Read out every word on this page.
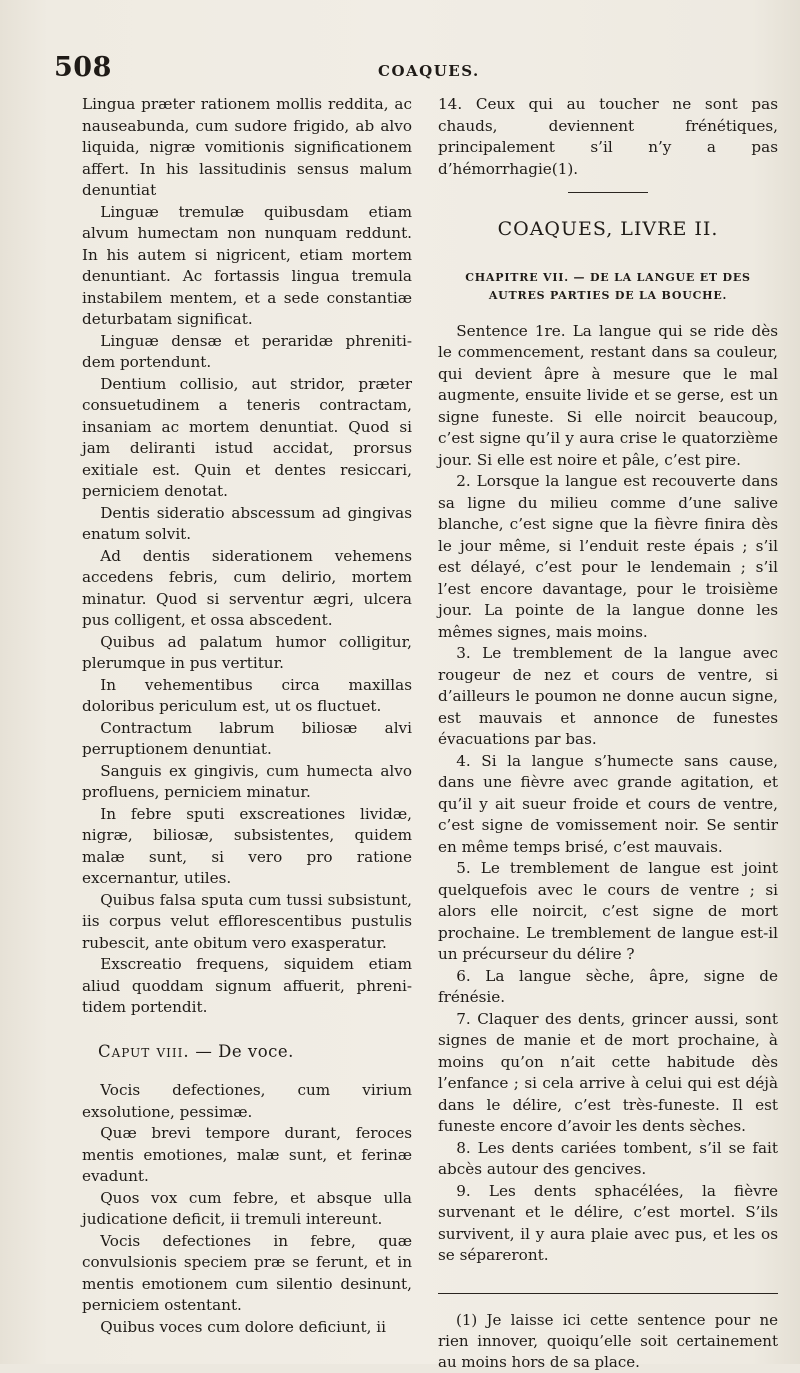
508	COAQUES.

Lingua præter rationem mollis reddita, ac nauseabunda, cum sudore frigido, ab alvo liquida, nigræ vomitionis significationem affert. In his lassitudinis sensus malum denuntiat

Linguæ tremulæ quibusdam etiam alvum humectam non nunquam reddunt. In his autem si nigricent, etiam mortem denuntiant. Ac fortassis lingua tremula instabilem mentem, et a sede constantiæ deturbatam significat.

Linguæ densæ et peraridæ phreniti-dem portendunt.

Dentium collisio, aut stridor, præter consuetudinem a teneris contractam, insaniam ac mortem denuntiat. Quod si jam deliranti istud accidat, prorsus exitiale est. Quin et dentes resiccari, perniciem denotat.

Dentis sideratio abscessum ad gingivas enatum solvit.

Ad dentis siderationem vehemens accedens febris, cum delirio, mortem minatur. Quod si serventur ægri, ulcera pus colligent, et ossa abscedent.

Quibus ad palatum humor colligitur, plerumque in pus vertitur.

In vehementibus circa maxillas doloribus periculum est, ut os fluctuet.

Contractum labrum biliosæ alvi perruptionem denuntiat.

Sanguis ex gingivis, cum humecta alvo profluens, perniciem minatur.

In febre sputi exscreationes lividæ, nigræ, biliosæ, subsistentes, quidem malæ sunt, si vero pro ratione excernantur, utiles.

Quibus falsa sputa cum tussi subsistunt, iis corpus velut efflorescentibus pustulis rubescit, ante obitum vero exasperatur.

Exscreatio frequens, siquidem etiam aliud quoddam signum affuerit, phreni-tidem portendit.

Caput viii. — De voce.

Vocis defectiones, cum virium exsolutione, pessimæ.

Quæ brevi tempore durant, feroces mentis emotiones, malæ sunt, et ferinæ evadunt.

Quos vox cum febre, et absque ulla judicatione deficit, ii tremuli intereunt.

Vocis defectiones in febre, quæ convulsionis speciem præ se ferunt, et in mentis emotionem cum silentio desinunt, perniciem ostentant.

Quibus voces cum dolore deficiunt, ii

14. Ceux qui au toucher ne sont pas chauds, deviennent frénétiques, principalement s’il n’y a pas d’hémorrhagie(1).

COAQUES, LIVRE II.
CHAPITRE VII. — DE LA LANGUE ET DES AUTRES PARTIES DE LA BOUCHE.

Sentence 1re. La langue qui se ride dès le commencement, restant dans sa couleur, qui devient âpre à mesure que le mal augmente, ensuite livide et se gerse, est un signe funeste. Si elle noircit beaucoup, c’est signe qu’il y aura crise le quatorzième jour. Si elle est noire et pâle, c’est pire.

2. Lorsque la langue est recouverte dans sa ligne du milieu comme d’une salive blanche, c’est signe que la fièvre finira dès le jour même, si l’enduit reste épais ; s’il est délayé, c’est pour le lendemain ; s’il l’est encore davantage, pour le troisième jour. La pointe de la langue donne les mêmes signes, mais moins.

3. Le tremblement de la langue avec rougeur de nez et cours de ventre, si d’ailleurs le poumon ne donne aucun signe, est mauvais et annonce de funestes évacuations par bas.

4. Si la langue s’humecte sans cause, dans une fièvre avec grande agitation, et qu’il y ait sueur froide et cours de ventre, c’est signe de vomissement noir. Se sentir en même temps brisé, c’est mauvais.

5. Le tremblement de langue est joint quelquefois avec le cours de ventre ; si alors elle noircit, c’est signe de mort prochaine. Le tremblement de langue est-il un précurseur du délire ?

6. La langue sèche, âpre, signe de frénésie.

7. Claquer des dents, grincer aussi, sont signes de manie et de mort prochaine, à moins qu’on n’ait cette habitude dès l’enfance ; si cela arrive à celui qui est déjà dans le délire, c’est très-funeste. Il est funeste encore d’avoir les dents sèches.

8. Les dents cariées tombent, s’il se fait abcès autour des gencives.

9. Les dents sphacélées, la fièvre survenant et le délire, c’est mortel. S’ils survivent, il y aura plaie avec pus, et les os se sépareront.

(1) Je laisse ici cette sentence pour ne rien innover, quoiqu’elle soit certainement au moins hors de sa place.
